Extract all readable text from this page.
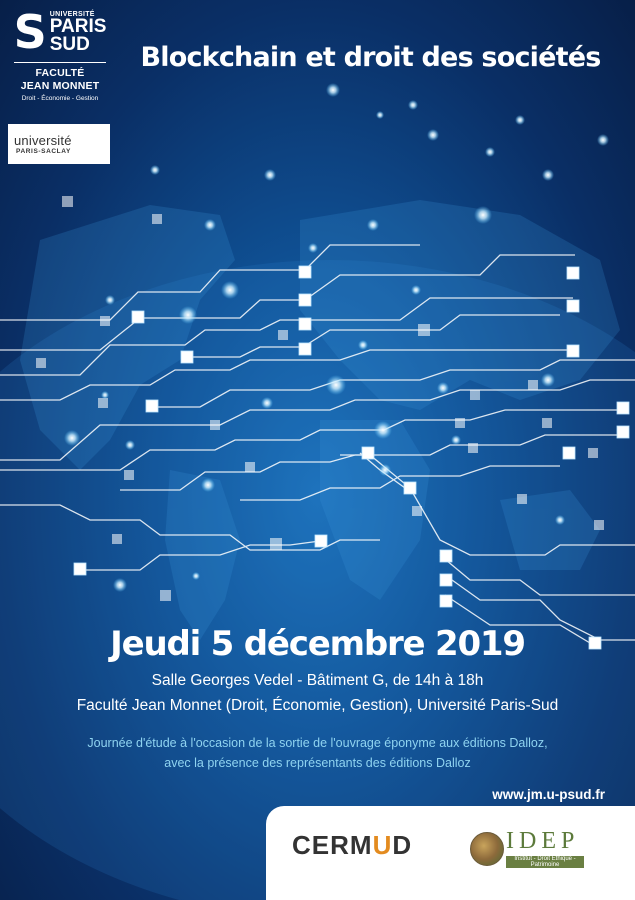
S UNIVERSITÉ
PARIS
SUD
FACULTÉ
JEAN MONNET
Droit - Économie - Gestion
université
PARIS-SACLAY
Blockchain et droit des sociétés
Jeudi 5 décembre 2019
Salle Georges Vedel - Bâtiment G, de 14h à 18h
Faculté Jean Monnet (Droit, Économie, Gestion), Université Paris-Sud
Journée d'étude à l'occasion de la sortie de l'ouvrage éponyme aux éditions Dalloz,
avec la présence des représentants des éditions Dalloz
www.jm.u-psud.fr
CERMUD	IDEP
Institut - Droit Éthique - Patrimoine
